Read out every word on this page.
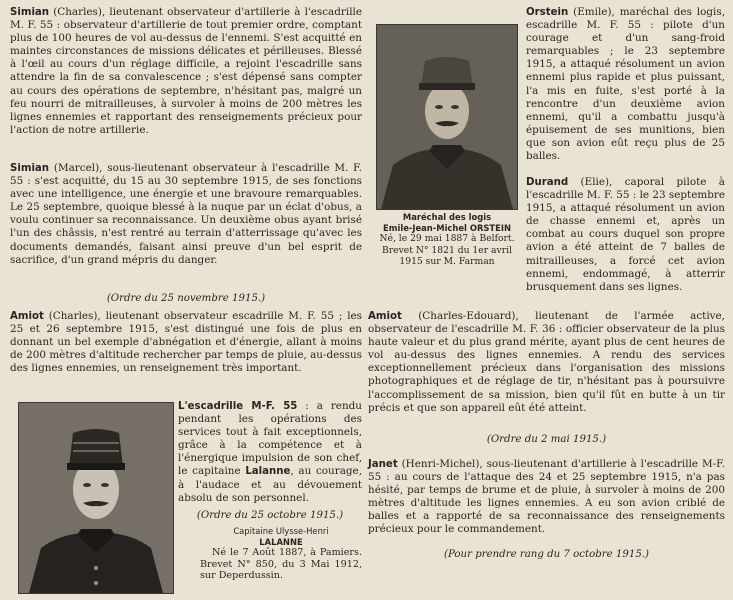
Simian (Charles), lieutenant observateur d'artillerie à l'escadrille M. F. 55 : observateur d'artillerie de tout premier ordre, comptant plus de 100 heures de vol au-dessus de l'ennemi. S'est acquitté en maintes circonstances de missions délicates et périlleuses. Blessé à l'œil au cours d'un réglage difficile, a rejoint l'escadrille sans attendre la fin de sa convalescence ; s'est dépensé sans compter au cours des opérations de septembre, n'hésitant pas, malgré un feu nourri de mitrailleuses, à survoler à moins de 200 mètres les lignes ennemies et rapportant des renseignements précieux pour l'action de notre artillerie.

Simian (Marcel), sous-lieutenant observateur à l'escadrille M. F. 55 : s'est acquitté, du 15 au 30 septembre 1915, de ses fonctions avec une intelligence, une énergie et une bravoure remarquables. Le 25 septembre, quoique blessé à la nuque par un éclat d'obus, a voulu continuer sa reconnaissance. Un deuxième obus ayant brisé l'un des châssis, n'est rentré au terrain d'atterrissage qu'avec les documents demandés, faisant ainsi preuve d'un bel esprit de sacrifice, d'un grand mépris du danger.

(Ordre du 25 novembre 1915.)

Amiot (Charles), lieutenant observateur escadrille M. F. 55 ; les 25 et 26 septembre 1915, s'est distingué une fois de plus en donnant un bel exemple d'abnégation et d'énergie, allant à moins de 200 mètres d'altitude rechercher par temps de pluie, au-dessus des lignes ennemies, un renseignement très important.

L'escadrille M-F. 55 : a rendu pendant les opérations des services tout à fait exceptionnels, grâce à la compétence et à l'énergique impulsion de son chef, le capitaine Lalanne, au courage, à l'audace et au dévouement absolu de son personnel.

(Ordre du 25 octobre 1915.)

Capitaine Ulysse-Henri
LALANNE
Né le 7 Août 1887, à Pamiers. Brevet N° 850, du 3 Mai 1912, sur Deperdussin.

Orstein (Emile), maréchal des logis, escadrille M. F. 55 : pilote d'un courage et d'un sang-froid remarquables ; le 23 septembre 1915, a attaqué résolument un avion ennemi plus rapide et plus puissant, l'a mis en fuite, s'est porté à la rencontre d'un deuxième avion ennemi, qu'il a combattu jusqu'à épuisement de ses munitions, bien que son avion eût reçu plus de 25 balles.

Maréchal des logis
Emile-Jean-Michel ORSTEIN
Né, le 29 mai 1887 à Belfort. Brevet N° 1821 du 1er avril 1915 sur M. Farman

Durand (Elie), caporal pilote à l'escadrille M. F. 55 : le 23 septembre 1915, a attaqué résolument un avion de chasse ennemi et, après un combat au cours duquel son propre avion a été atteint de 7 balles de mitrailleuses, a forcé cet avion ennemi, endommagé, à atterrir brusquement dans ses lignes.

Amiot (Charles-Edouard), lieutenant de l'armée active, observateur de l'escadrille M. F. 36 : officier observateur de la plus haute valeur et du plus grand mérite, ayant plus de cent heures de vol au-dessus des lignes ennemies. A rendu des services exceptionnellement précieux dans l'organisation des missions photographiques et de réglage de tir, n'hésitant pas à poursuivre l'accomplissement de sa mission, bien qu'il fût en butte à un tir précis et que son appareil eût été atteint.

(Ordre du 2 mai 1915.)

Janet (Henri-Michel), sous-lieutenant d'artillerie à l'escadrille M-F. 55 : au cours de l'attaque des 24 et 25 septembre 1915, n'a pas hésité, par temps de brume et de pluie, à survoler à moins de 200 mètres d'altitude les lignes ennemies. A eu son avion criblé de balles et a rapporté de sa reconnaissance des renseignements précieux pour le commandement.

(Pour prendre rang du 7 octobre 1915.)
